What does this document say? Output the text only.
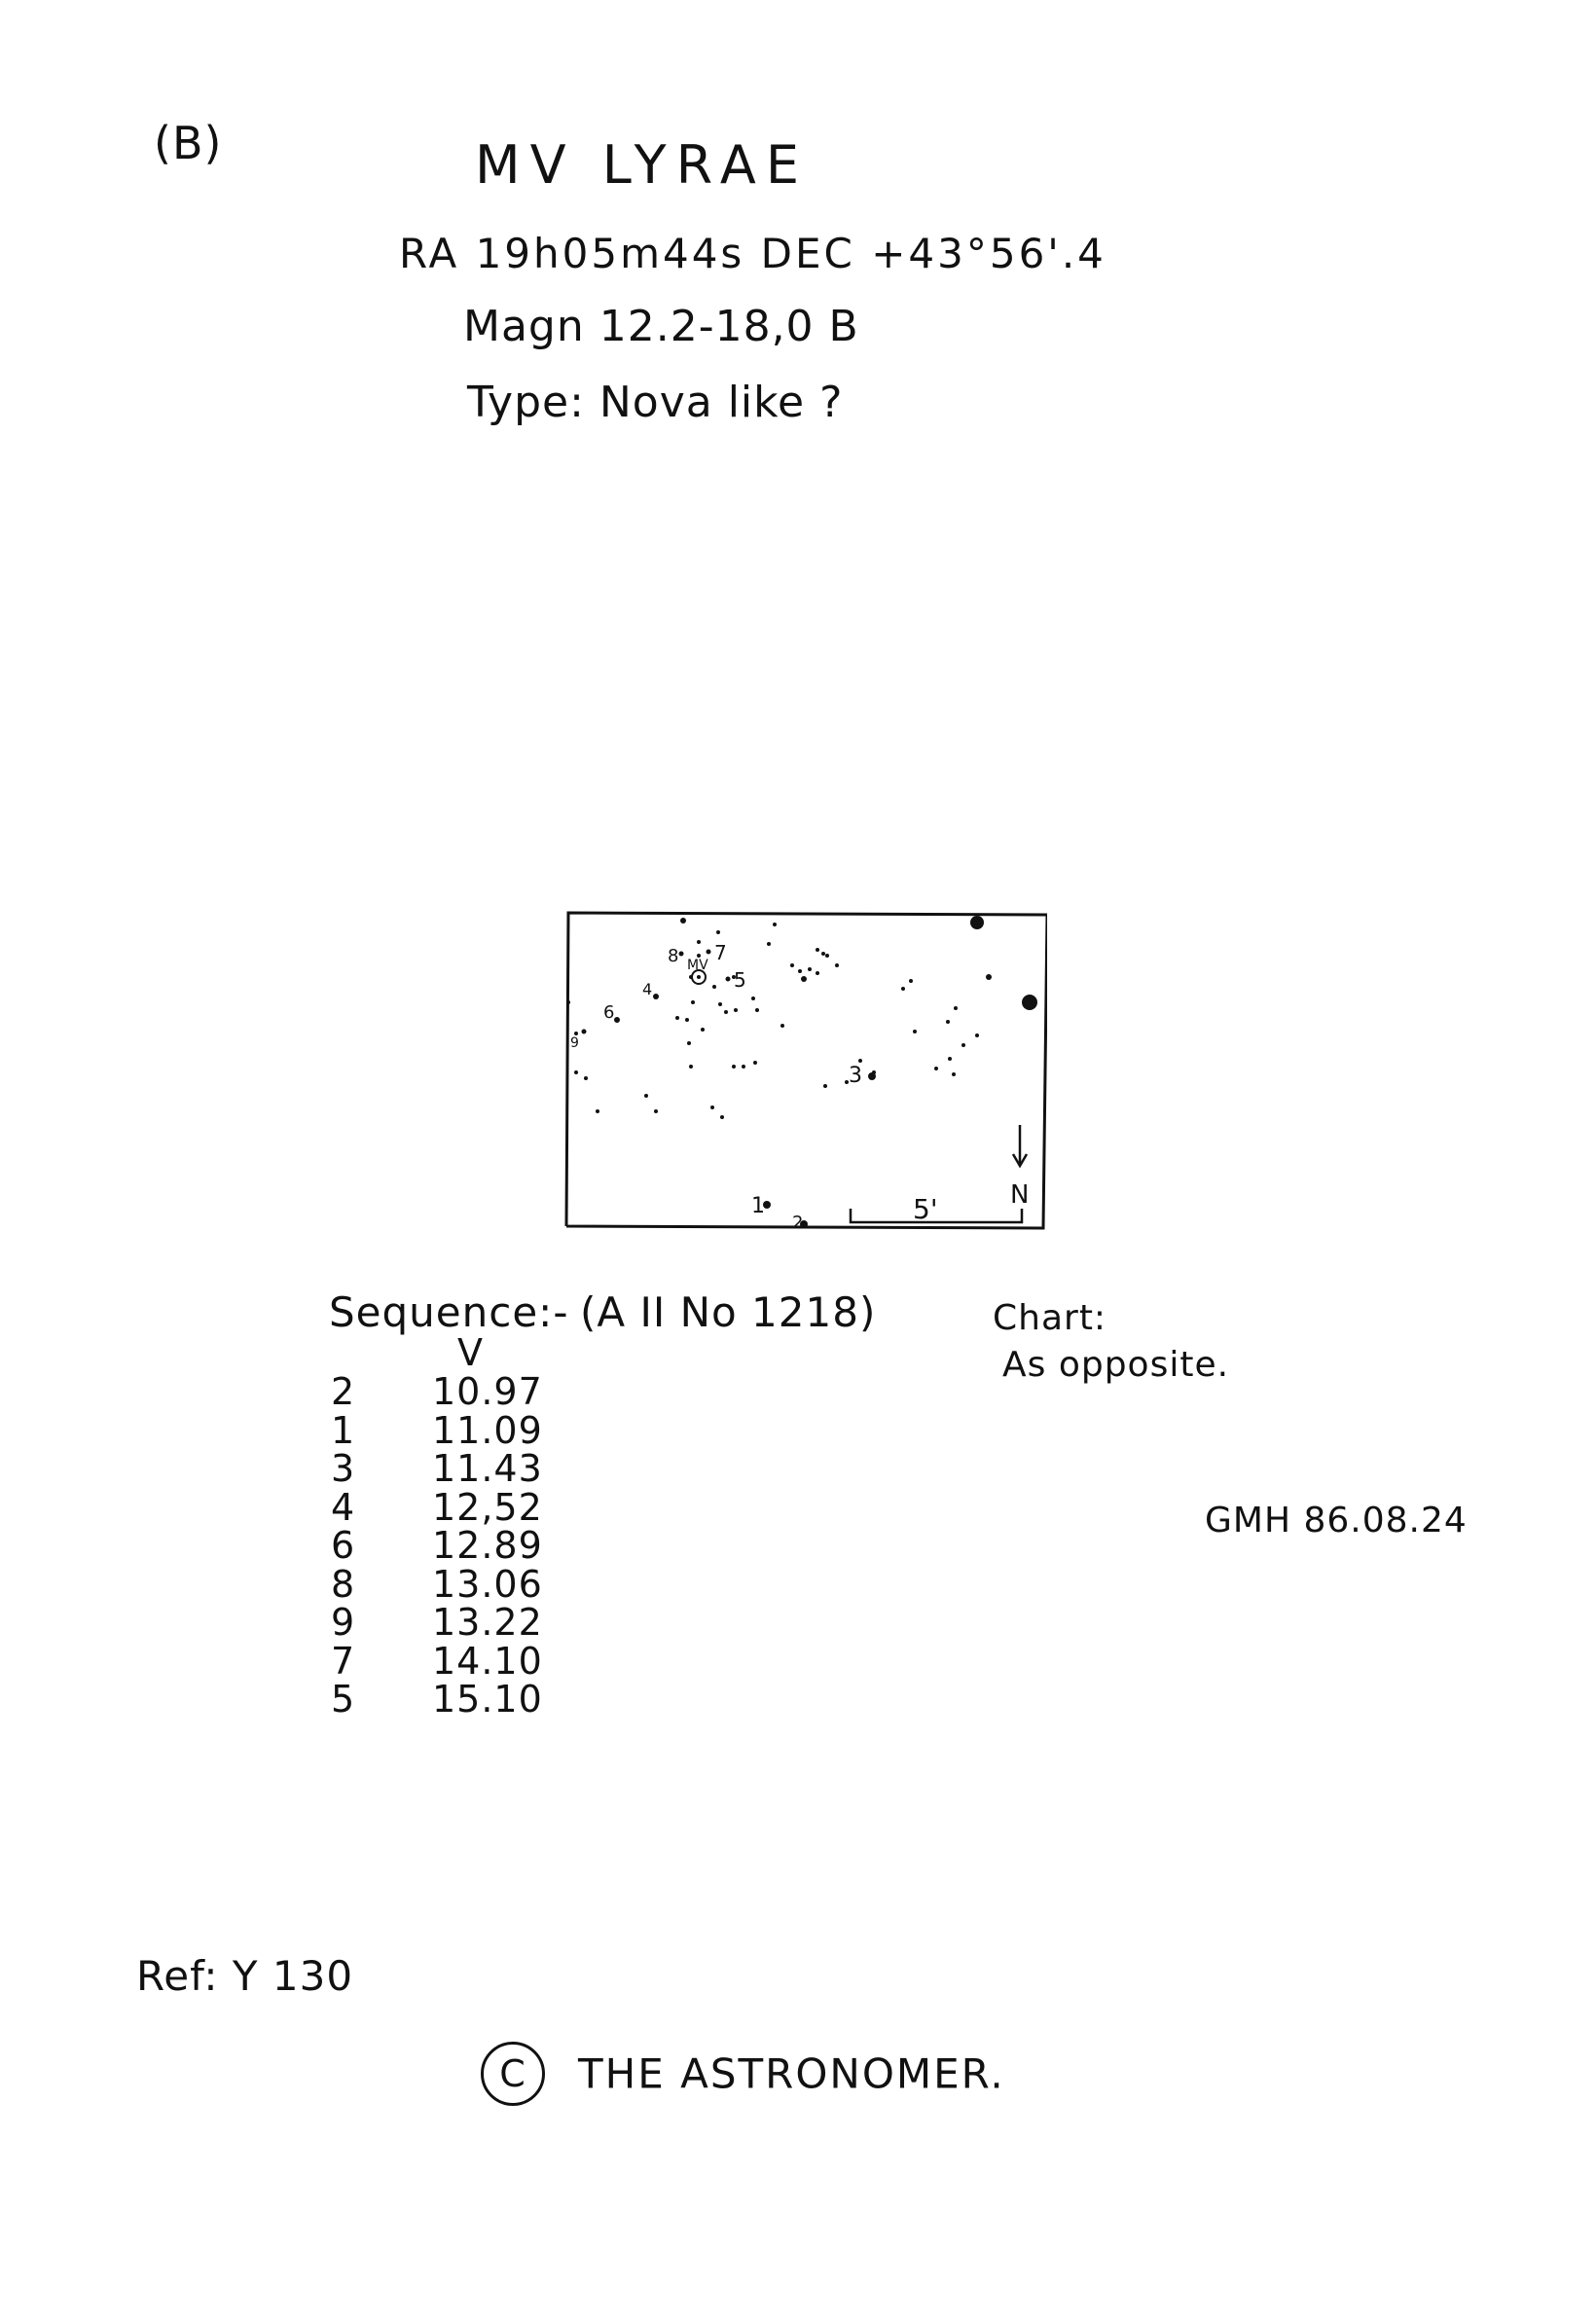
(B)	MV LYRAE
RA 19h05m44s DEC +43°56'.4
Magn 12.2-18,0 B
Type: Nova like ?
8 7
MV
5
4
6
9
3
1
2	5'	N
Sequence:- (A II No 1218)
V
2 10.97
1 11.09
3 11.43
4 12,52
6 12.89
8 13.06
9 13.22
7 14.10
5 15.10
Chart:
As opposite.
GMH 86.08.24
Ref: Y 130
C THE ASTRONOMER.
